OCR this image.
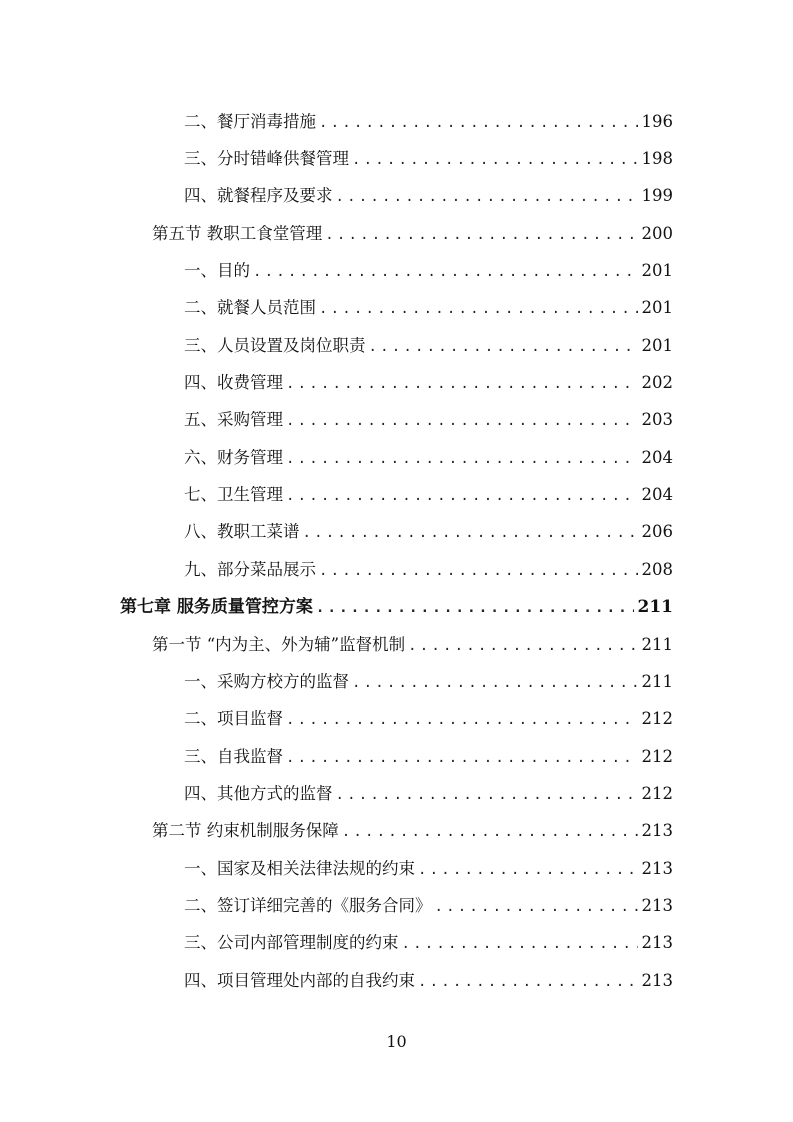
二、餐厅消毒措施 .....	196
三、分时错峰供餐管理 .....	198
四、就餐程序及要求 .....	199
第五节 教职工食堂管理 .....	200
一、目的 .....	201
二、就餐人员范围 .....	201
三、人员设置及岗位职责 .....	201
四、收费管理 .....	202
五、采购管理 .....	203
六、财务管理 .....	204
七、卫生管理 .....	204
八、教职工菜谱 .....	206
九、部分菜品展示 .....	208
第七章 服务质量管控方案 .....	211
第一节 “内为主、外为辅”监督机制 .....	211
一、采购方校方的监督 .....	211
二、项目监督 .....	212
三、自我监督 .....	212
四、其他方式的监督 .....	212
第二节 约束机制服务保障 .....	213
一、国家及相关法律法规的约束 .....	213
二、签订详细完善的《服务合同》 .....	213
三、公司内部管理制度的约束 .....	213
四、项目管理处内部的自我约束 .....	213
10
